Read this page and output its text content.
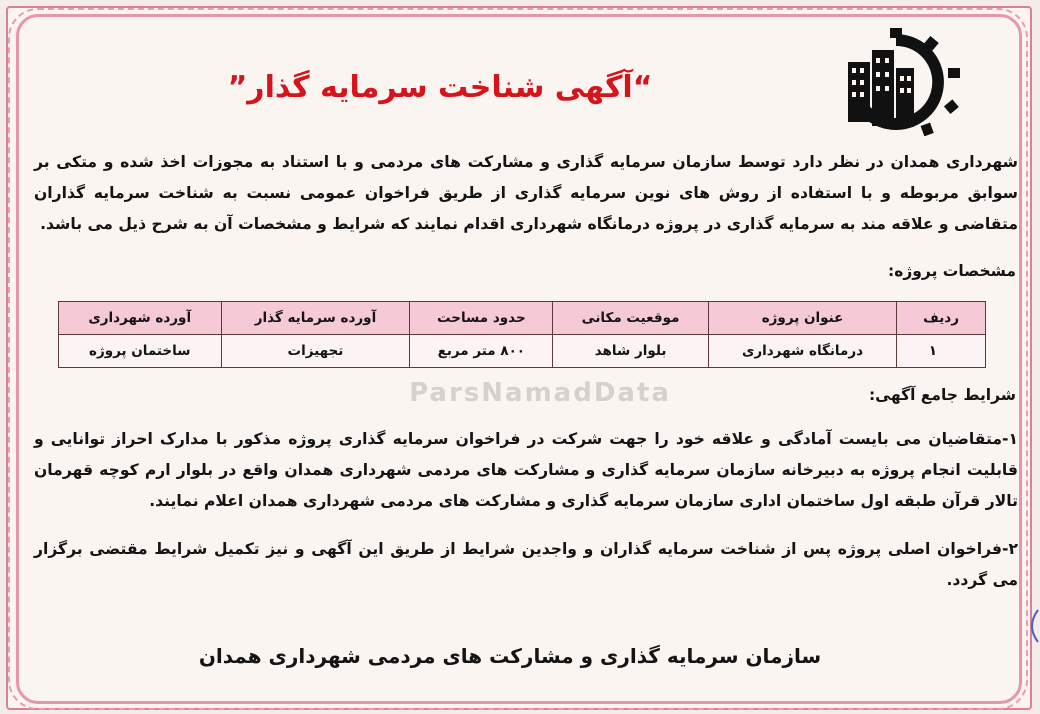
“آگهی شناخت سرمایه گذار”
شهرداری همدان در نظر دارد توسط سازمان سرمایه گذاری و مشارکت های مردمی و با استناد به مجوزات اخذ شده و متکی بر سوابق مربوطه و با استفاده از روش های نوین سرمایه گذاری از طریق فراخوان عمومی نسبت به شناخت سرمایه گذاران متقاضی و علاقه مند به سرمایه گذاری در پروژه درمانگاه شهرداری اقدام نمایند که شرایط و مشخصات آن به شرح ذیل می باشد.
مشخصات پروژه:
ردیف	عنوان پروژه	موقعیت مکانی	حدود مساحت	آورده سرمایه گذار	آورده شهرداری
۱	درمانگاه شهرداری	بلوار شاهد	۸۰۰ متر مربع	تجهیزات	ساختمان پروژه
ParsNamadData	شرایط جامع آگهی:
۱-متقاضیان می بایست آمادگی و علاقه خود را جهت شرکت در فراخوان سرمایه گذاری پروژه مذکور با مدارک احراز توانایی و قابلیت انجام پروژه به دبیرخانه سازمان سرمایه گذاری و مشارکت های مردمی شهرداری همدان واقع در بلوار ارم کوچه قهرمان تالار قرآن طبقه اول ساختمان اداری سازمان سرمایه گذاری و مشارکت های مردمی شهرداری همدان اعلام نمایند.
۲-فراخوان اصلی پروژه پس از شناخت سرمایه گذاران و واجدین شرایط از طریق این آگهی و نیز تکمیل شرایط مقتضی برگزار می گردد.
سازمان سرمایه گذاری و مشارکت های مردمی شهرداری همدان
